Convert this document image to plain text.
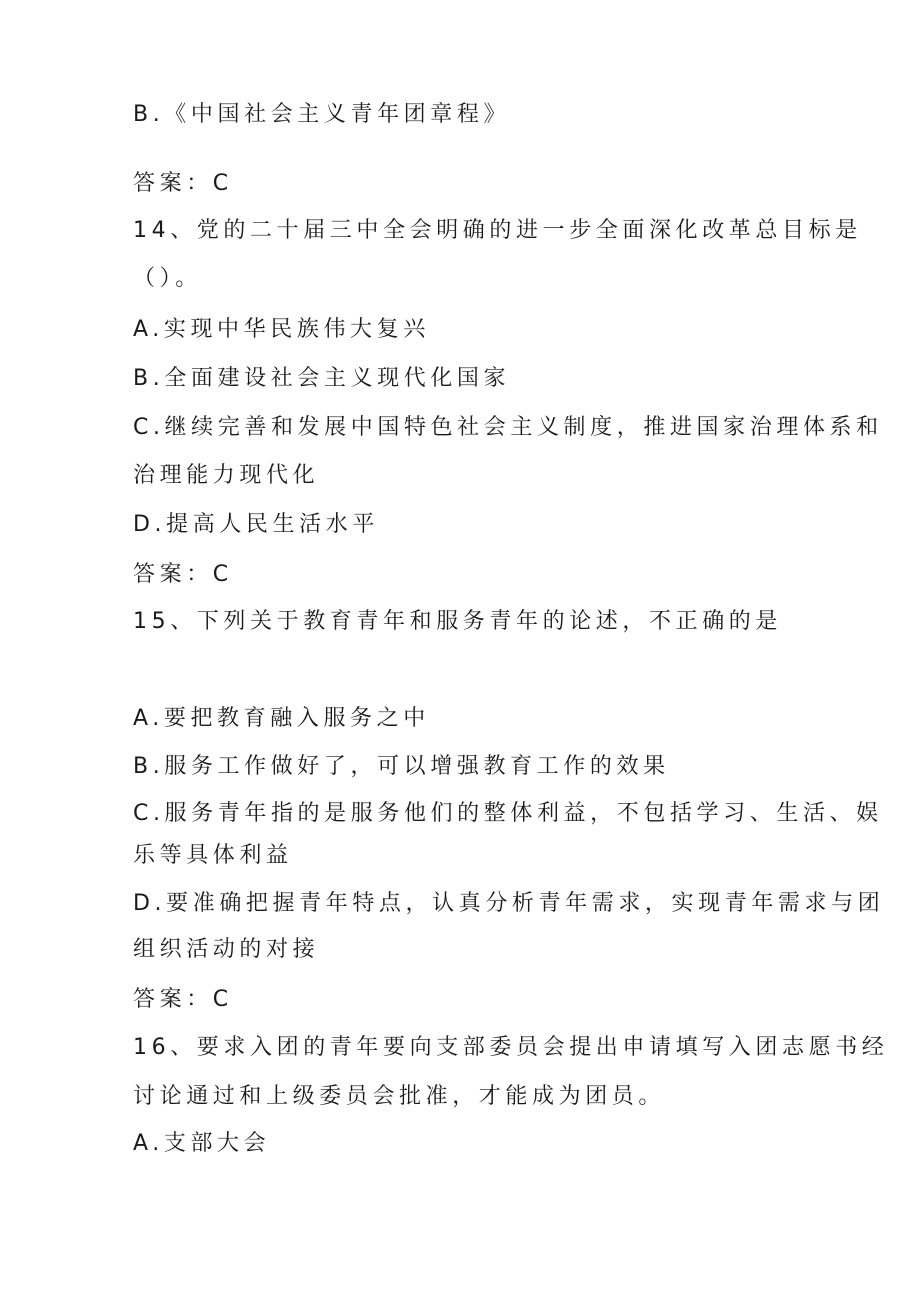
B.《中国社会主义青年团章程》

答案：C

14、党的二十届三中全会明确的进一步全面深化改革总目标是

（）。

A.实现中华民族伟大复兴

B.全面建设社会主义现代化国家

C.继续完善和发展中国特色社会主义制度，推进国家治理体系和

治理能力现代化

D.提高人民生活水平

答案：C

15、下列关于教育青年和服务青年的论述，不正确的是

A.要把教育融入服务之中

B.服务工作做好了，可以增强教育工作的效果

C.服务青年指的是服务他们的整体利益，不包括学习、生活、娱

乐等具体利益

D.要准确把握青年特点，认真分析青年需求，实现青年需求与团

组织活动的对接

答案：C

16、要求入团的青年要向支部委员会提出申请填写入团志愿书经

讨论通过和上级委员会批准，才能成为团员。

A.支部大会
